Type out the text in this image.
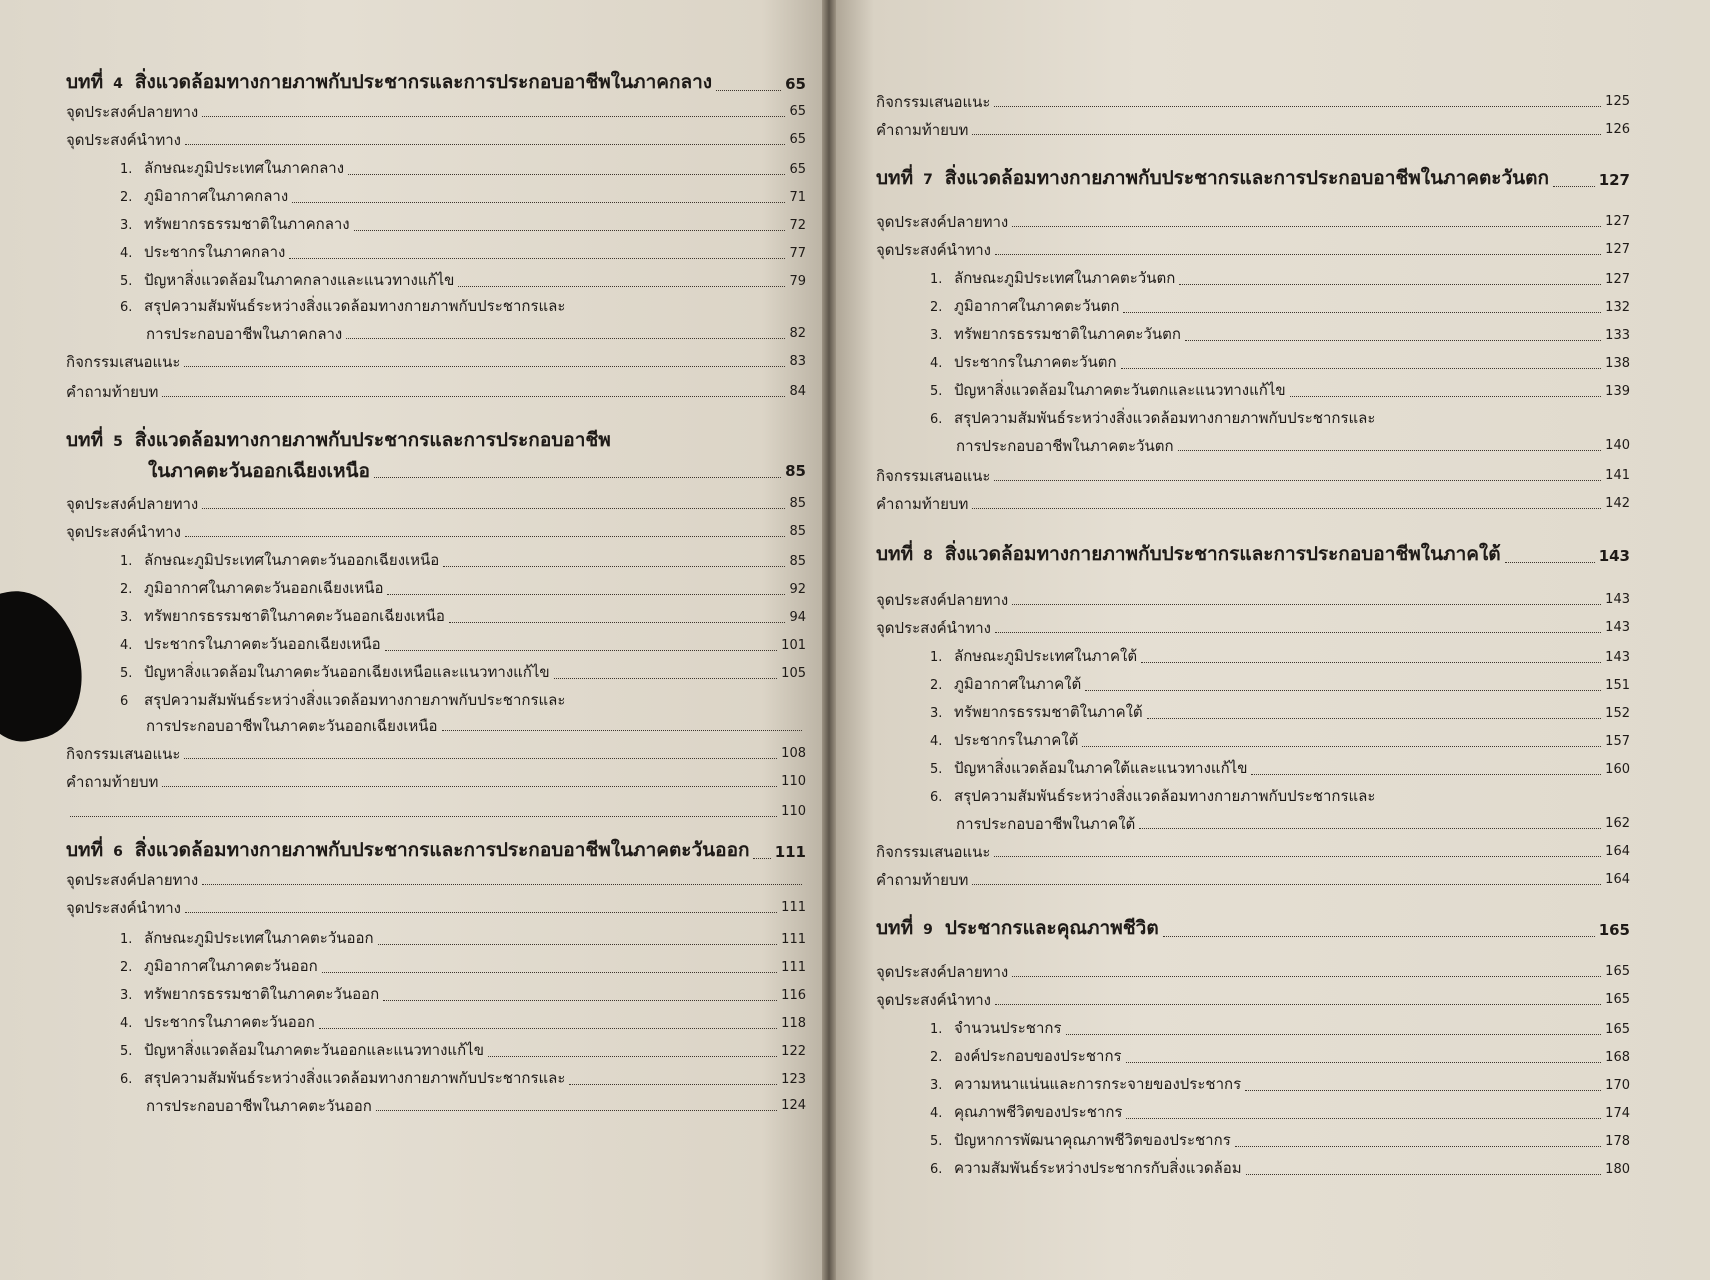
บทที่ 4 สิ่งแวดล้อมทางกายภาพกับประชากรและการประกอบอาชีพในภาคกลาง	65
จุดประสงค์ปลายทาง	65
จุดประสงค์นำทาง	65
1. ลักษณะภูมิประเทศในภาคกลาง	65
2. ภูมิอากาศในภาคกลาง	71
3. ทรัพยากรธรรมชาติในภาคกลาง	72
4. ประชากรในภาคกลาง	77
5. ปัญหาสิ่งแวดล้อมในภาคกลางและแนวทางแก้ไข	79
6. สรุปความสัมพันธ์ระหว่างสิ่งแวดล้อมทางกายภาพกับประชากรและ
การประกอบอาชีพในภาคกลาง	82
กิจกรรมเสนอแนะ	83
คำถามท้ายบท	84
บทที่ 5 สิ่งแวดล้อมทางกายภาพกับประชากรและการประกอบอาชีพ
ในภาคตะวันออกเฉียงเหนือ	85
จุดประสงค์ปลายทาง	85
จุดประสงค์นำทาง	85
1. ลักษณะภูมิประเทศในภาคตะวันออกเฉียงเหนือ	85
2. ภูมิอากาศในภาคตะวันออกเฉียงเหนือ	92
3. ทรัพยากรธรรมชาติในภาคตะวันออกเฉียงเหนือ	94
4. ประชากรในภาคตะวันออกเฉียงเหนือ	101
5. ปัญหาสิ่งแวดล้อมในภาคตะวันออกเฉียงเหนือและแนวทางแก้ไข	105
6 สรุปความสัมพันธ์ระหว่างสิ่งแวดล้อมทางกายภาพกับประชากรและ
การประกอบอาชีพในภาคตะวันออกเฉียงเหนือ
กิจกรรมเสนอแนะ	108
คำถามท้ายบท	110
110
บทที่ 6 สิ่งแวดล้อมทางกายภาพกับประชากรและการประกอบอาชีพในภาคตะวันออก 111
จุดประสงค์ปลายทาง
จุดประสงค์นำทาง	111
1. ลักษณะภูมิประเทศในภาคตะวันออก	111
2. ภูมิอากาศในภาคตะวันออก	111
3. ทรัพยากรธรรมชาติในภาคตะวันออก	116
4. ประชากรในภาคตะวันออก	118
5. ปัญหาสิ่งแวดล้อมในภาคตะวันออกและแนวทางแก้ไข	122
6. สรุปความสัมพันธ์ระหว่างสิ่งแวดล้อมทางกายภาพกับประชากรและ	123
การประกอบอาชีพในภาคตะวันออก	124
กิจกรรมเสนอแนะ	125
คำถามท้ายบท	126
บทที่ 7 สิ่งแวดล้อมทางกายภาพกับประชากรและการประกอบอาชีพในภาคตะวันตก	127
จุดประสงค์ปลายทาง	127
จุดประสงค์นำทาง	127
1. ลักษณะภูมิประเทศในภาคตะวันตก	127
2. ภูมิอากาศในภาคตะวันตก	132
3. ทรัพยากรธรรมชาติในภาคตะวันตก	133
4. ประชากรในภาคตะวันตก	138
5. ปัญหาสิ่งแวดล้อมในภาคตะวันตกและแนวทางแก้ไข	139
6. สรุปความสัมพันธ์ระหว่างสิ่งแวดล้อมทางกายภาพกับประชากรและ
การประกอบอาชีพในภาคตะวันตก	140
กิจกรรมเสนอแนะ	141
คำถามท้ายบท	142
บทที่ 8 สิ่งแวดล้อมทางกายภาพกับประชากรและการประกอบอาชีพในภาคใต้	143
จุดประสงค์ปลายทาง	143
จุดประสงค์นำทาง	143
1. ลักษณะภูมิประเทศในภาคใต้	143
2. ภูมิอากาศในภาคใต้	151
3. ทรัพยากรธรรมชาติในภาคใต้	152
4. ประชากรในภาคใต้	157
5. ปัญหาสิ่งแวดล้อมในภาคใต้และแนวทางแก้ไข	160
6. สรุปความสัมพันธ์ระหว่างสิ่งแวดล้อมทางกายภาพกับประชากรและ
การประกอบอาชีพในภาคใต้	162
กิจกรรมเสนอแนะ	164
คำถามท้ายบท	164
บทที่ 9 ประชากรและคุณภาพชีวิต	165
จุดประสงค์ปลายทาง	165
จุดประสงค์นำทาง	165
1. จำนวนประชากร	165
2. องค์ประกอบของประชากร	168
3. ความหนาแน่นและการกระจายของประชากร	170
4. คุณภาพชีวิตของประชากร	174
5. ปัญหาการพัฒนาคุณภาพชีวิตของประชากร	178
6. ความสัมพันธ์ระหว่างประชากรกับสิ่งแวดล้อม	180
